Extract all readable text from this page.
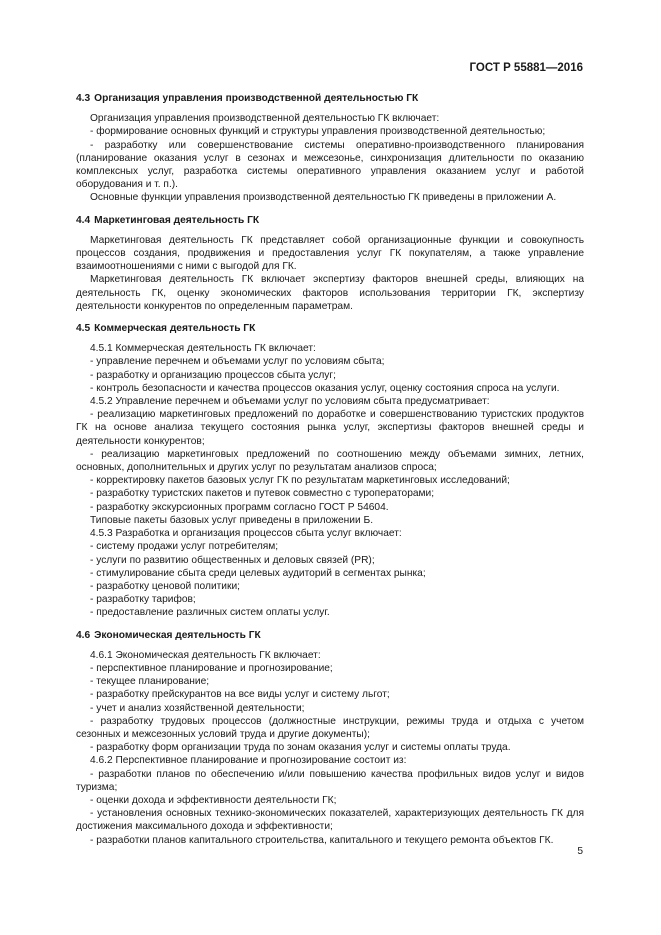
ГОСТ Р 55881—2016
4.3 Организация управления производственной деятельностью ГК

Организация управления производственной деятельностью ГК включает:

- формирование основных функций и структуры управления производственной деятельностью;

- разработку или совершенствование системы оперативно-производственного планирования (планирование оказания услуг в сезонах и межсезонье, синхронизация длительности по оказанию комплексных услуг, разработка системы оперативного управления оказанием услуг и работой оборудования и т. п.).

Основные функции управления производственной деятельностью ГК приведены в приложении А.

4.4 Маркетинговая деятельность ГК

Маркетинговая деятельность ГК представляет собой организационные функции и совокупность процессов создания, продвижения и предоставления услуг ГК покупателям, а также управление взаимоотношениями с ними с выгодой для ГК.

Маркетинговая деятельность ГК включает экспертизу факторов внешней среды, влияющих на деятельность ГК, оценку экономических факторов использования территории ГК, экспертизу деятельности конкурентов по определенным параметрам.

4.5 Коммерческая деятельность ГК

4.5.1 Коммерческая деятельность ГК включает:

- управление перечнем и объемами услуг по условиям сбыта;

- разработку и организацию процессов сбыта услуг;

- контроль безопасности и качества процессов оказания услуг, оценку состояния спроса на услуги.

4.5.2 Управление перечнем и объемами услуг по условиям сбыта предусматривает:

- реализацию маркетинговых предложений по доработке и совершенствованию туристских продуктов ГК на основе анализа текущего состояния рынка услуг, экспертизы факторов внешней среды и деятельности конкурентов;

- реализацию маркетинговых предложений по соотношению между объемами зимних, летних, основных, дополнительных и других услуг по результатам анализов спроса;

- корректировку пакетов базовых услуг ГК по результатам маркетинговых исследований;

- разработку туристских пакетов и путевок совместно с туроператорами;

- разработку экскурсионных программ согласно ГОСТ Р 54604.

Типовые пакеты базовых услуг приведены в приложении Б.

4.5.3 Разработка и организация процессов сбыта услуг включает:

- систему продажи услуг потребителям;

- услуги по развитию общественных и деловых связей (PR);

- стимулирование сбыта среди целевых аудиторий в сегментах рынка;

- разработку ценовой политики;

- разработку тарифов;

- предоставление различных систем оплаты услуг.

4.6 Экономическая деятельность ГК

4.6.1 Экономическая деятельность ГК включает:

- перспективное планирование и прогнозирование;

- текущее планирование;

- разработку прейскурантов на все виды услуг и систему льгот;

- учет и анализ хозяйственной деятельности;

- разработку трудовых процессов (должностные инструкции, режимы труда и отдыха с учетом сезонных и межсезонных условий труда и другие документы);

- разработку форм организации труда по зонам оказания услуг и системы оплаты труда.

4.6.2 Перспективное планирование и прогнозирование состоит из:

- разработки планов по обеспечению и/или повышению качества профильных видов услуг и видов туризма;

- оценки дохода и эффективности деятельности ГК;

- установления основных технико-экономических показателей, характеризующих деятельность ГК для достижения максимального дохода и эффективности;

- разработки планов капитального строительства, капитального и текущего ремонта объектов ГК.

5
